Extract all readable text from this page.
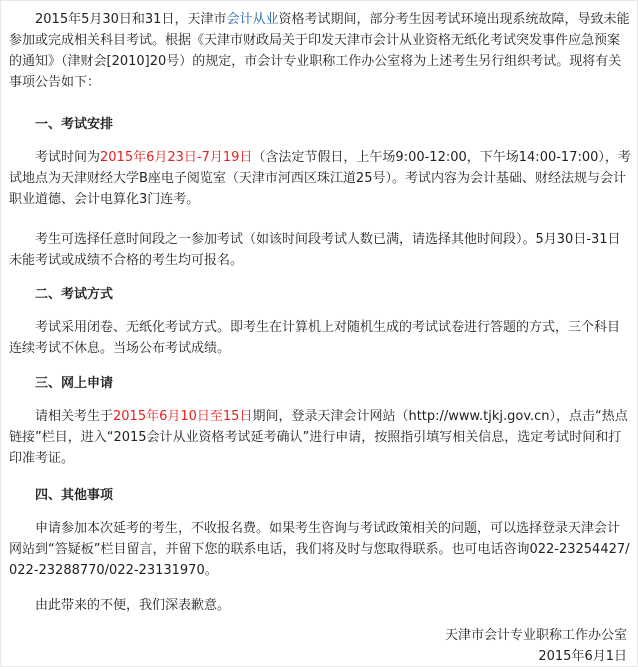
2015年5月30日和31日，天津市会计从业资格考试期间，部分考生因考试环境出现系统故障，导致未能参加或完成相关科目考试。根据《天津市财政局关于印发天津市会计从业资格无纸化考试突发事件应急预案的通知》（津财会[2010]20号）的规定，市会计专业职称工作办公室将为上述考生另行组织考试。现将有关事项公告如下：

一、考试安排

考试时间为2015年6月23日-7月19日（含法定节假日，上午场9:00-12:00，下午场14:00-17:00），考试地点为天津财经大学B座电子阅览室（天津市河西区珠江道25号）。考试内容为会计基础、财经法规与会计职业道德、会计电算化3门连考。

考生可选择任意时间段之一参加考试（如该时间段考试人数已满，请选择其他时间段）。5月30日-31日未能考试或成绩不合格的考生均可报名。

二、考试方式

考试采用闭卷、无纸化考试方式。即考生在计算机上对随机生成的考试试卷进行答题的方式，三个科目连续考试不休息。当场公布考试成绩。

三、网上申请

请相关考生于2015年6月10日至15日期间，登录天津会计网站（http://www.tjkj.gov.cn），点击“热点链接”栏目，进入“2015会计从业资格考试延考确认”进行申请，按照指引填写相关信息，选定考试时间和打印准考证。

四、其他事项

申请参加本次延考的考生，不收报名费。如果考生咨询与考试政策相关的问题，可以选择登录天津会计网站到“答疑板”栏目留言，并留下您的联系电话，我们将及时与您取得联系。也可电话咨询022-23254427/022-23288770/022-23131970。

由此带来的不便，我们深表歉意。

天津市会计专业职称工作办公室

2015年6月1日
